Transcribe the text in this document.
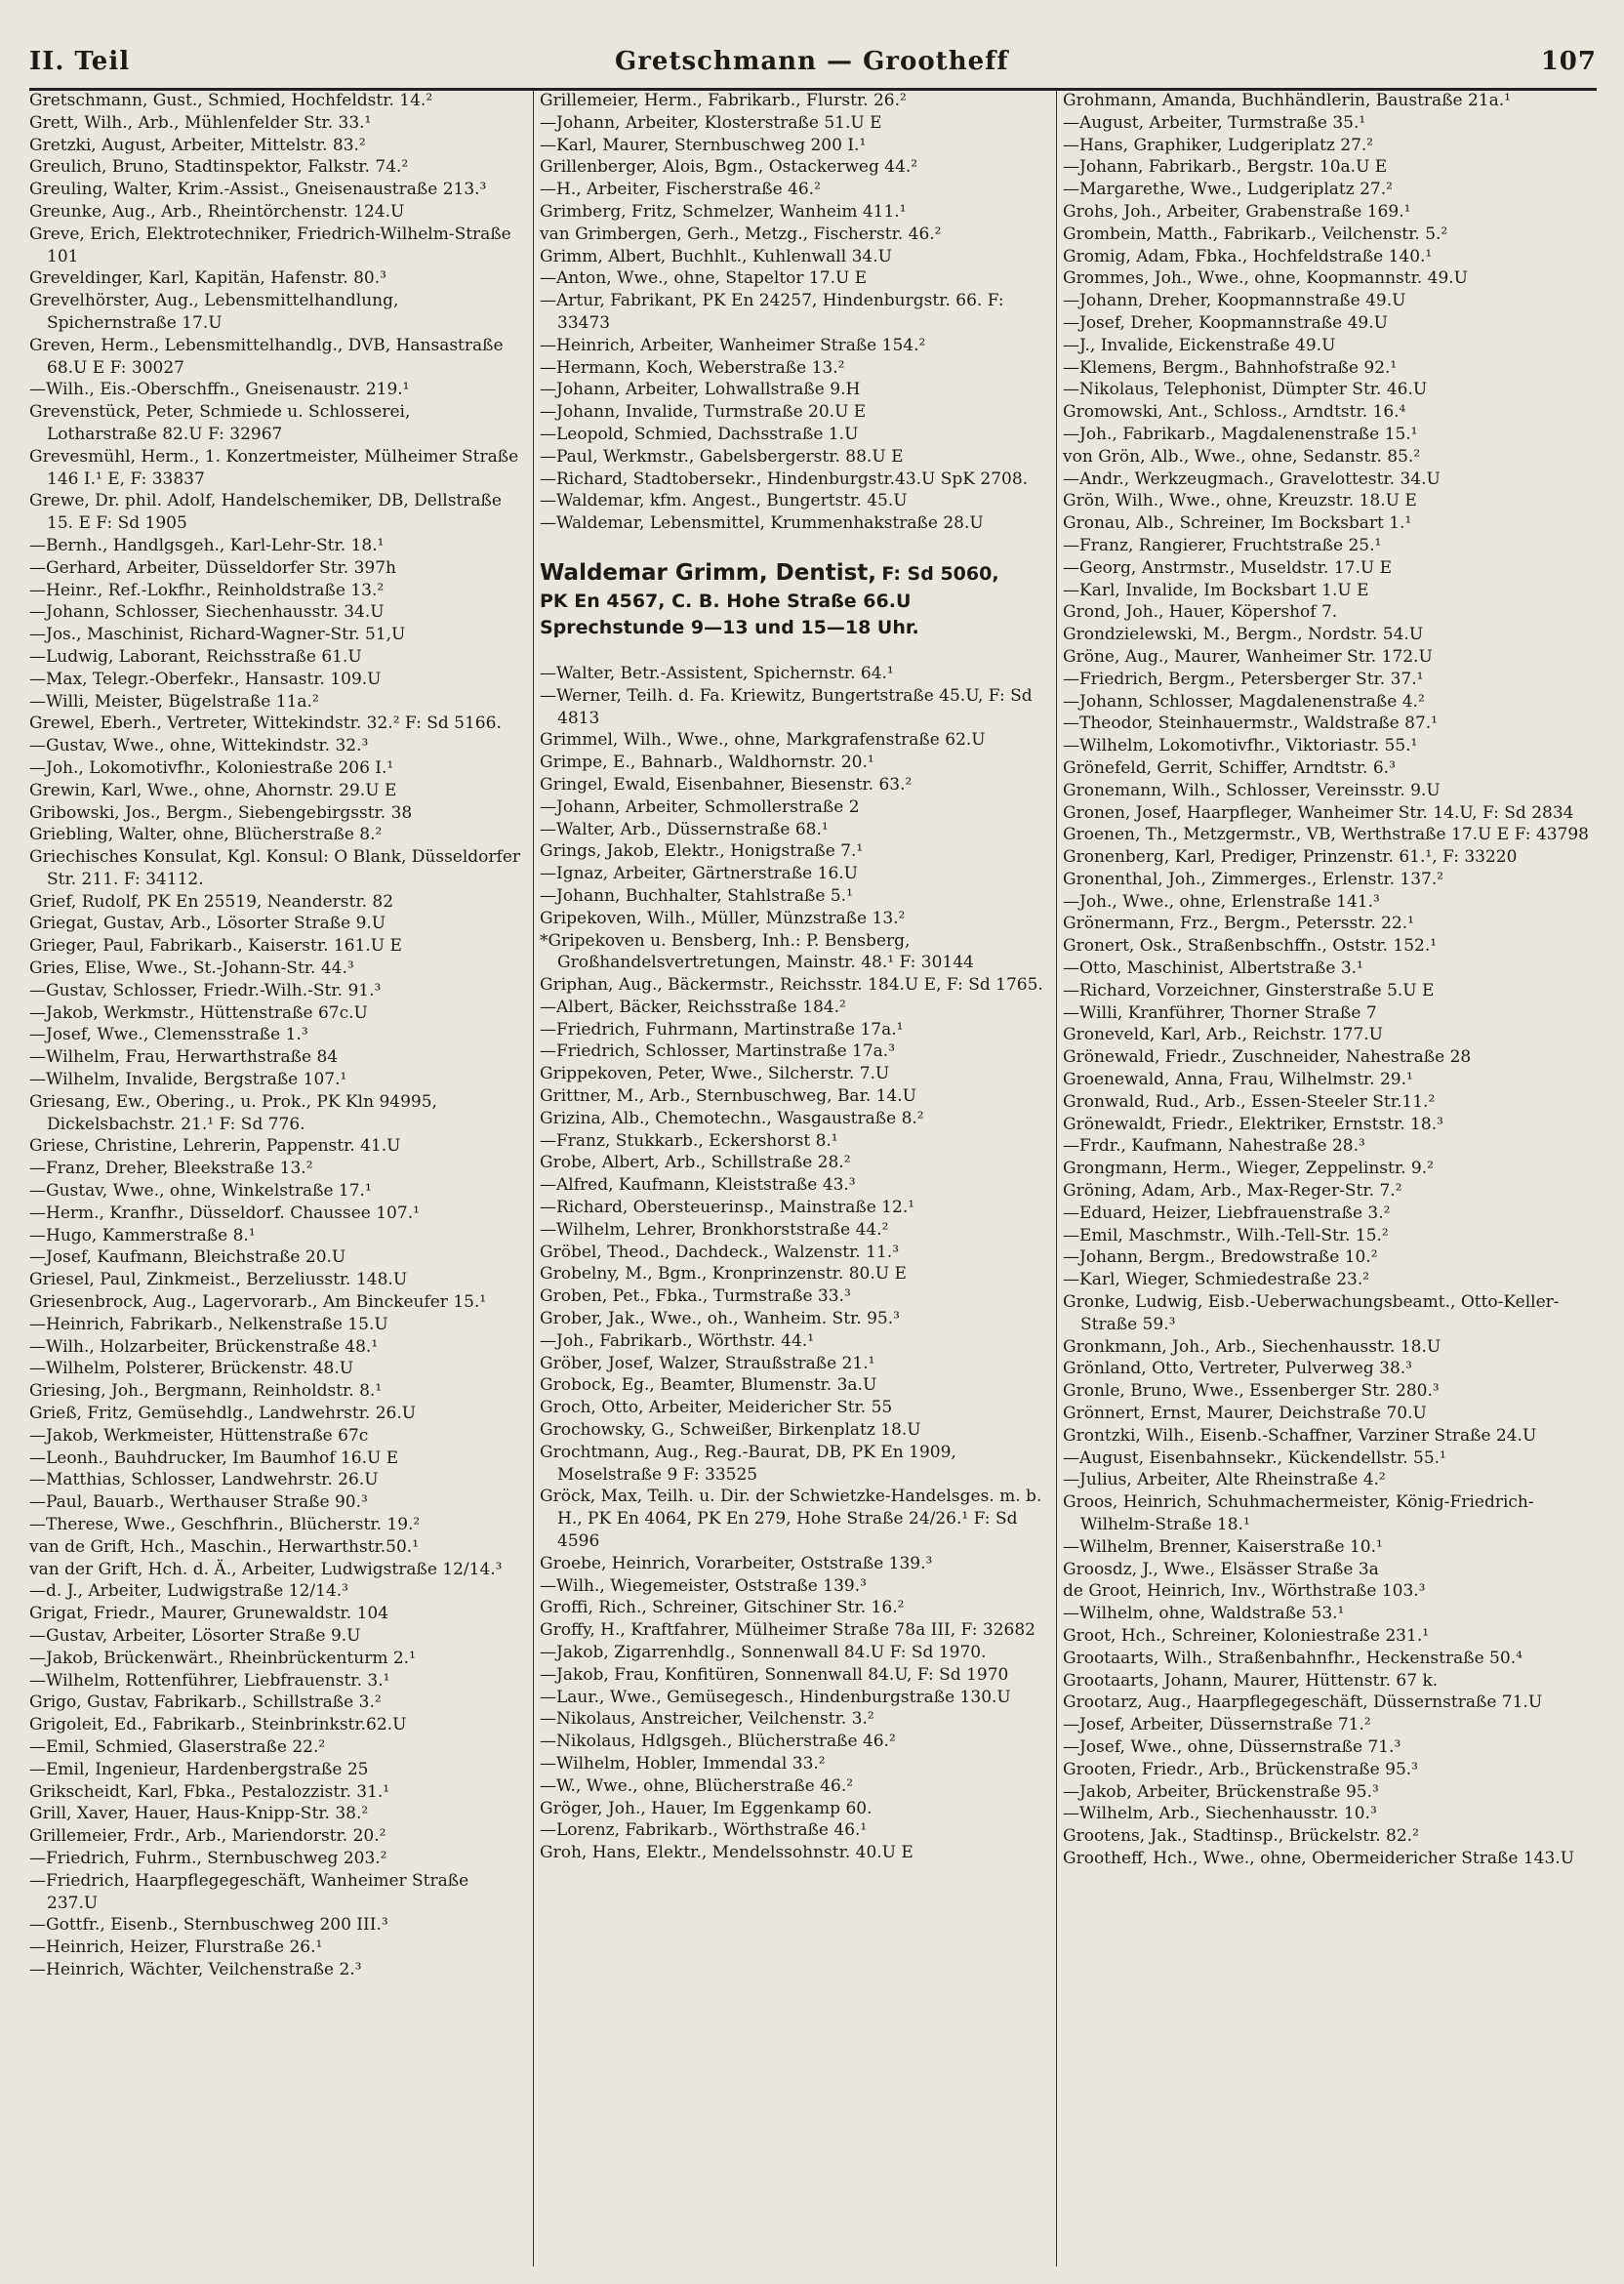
II. Teil	Gretschmann — Grootheff	107
Gretschmann, Gust., Schmied, Hochfeldstr. 14.²
Grett, Wilh., Arb., Mühlenfelder Str. 33.¹
Gretzki, August, Arbeiter, Mittelstr. 83.²
Greulich, Bruno, Stadtinspektor, Falkstr. 74.²
Greuling, Walter, Krim.-Assist., Gneisenaustraße 213.³
Greunke, Aug., Arb., Rheintörchenstr. 124.U
Greve, Erich, Elektrotechniker, Friedrich-Wilhelm-Straße 101
Greveldinger, Karl, Kapitän, Hafenstr. 80.³
Grevelhörster, Aug., Lebensmittelhandlung, Spichernstraße 17.U
Greven, Herm., Lebensmittelhandlg., DVB, Hansastraße 68.U E F: 30027
—Wilh., Eis.-Oberschffn., Gneisenaustr. 219.¹
Grevenstück, Peter, Schmiede u. Schlosserei, Lotharstraße 82.U F: 32967
Grevesmühl, Herm., 1. Konzertmeister, Mülheimer Straße 146 I.¹ E, F: 33837
Grewe, Dr. phil. Adolf, Handelschemiker, DB, Dellstraße 15. E F: Sd 1905
—Bernh., Handlgsgeh., Karl-Lehr-Str. 18.¹
—Gerhard, Arbeiter, Düsseldorfer Str. 397h
—Heinr., Ref.-Lokfhr., Reinholdstraße 13.²
—Johann, Schlosser, Siechenhausstr. 34.U
—Jos., Maschinist, Richard-Wagner-Str. 51,U
—Ludwig, Laborant, Reichsstraße 61.U
—Max, Telegr.-Oberfekr., Hansastr. 109.U
—Willi, Meister, Bügelstraße 11a.²
Grewel, Eberh., Vertreter, Wittekindstr. 32.² F: Sd 5166.
—Gustav, Wwe., ohne, Wittekindstr. 32.³
—Joh., Lokomotivfhr., Koloniestraße 206 I.¹
Grewin, Karl, Wwe., ohne, Ahornstr. 29.U E
Gribowski, Jos., Bergm., Siebengebirgsstr. 38
Griebling, Walter, ohne, Blücherstraße 8.²
Griechisches Konsulat, Kgl. Konsul: O Blank, Düsseldorfer Str. 211. F: 34112.
Grief, Rudolf, PK En 25519, Neanderstr. 82
Griegat, Gustav, Arb., Lösorter Straße 9.U
Grieger, Paul, Fabrikarb., Kaiserstr. 161.U E
Gries, Elise, Wwe., St.-Johann-Str. 44.³
—Gustav, Schlosser, Friedr.-Wilh.-Str. 91.³
—Jakob, Werkmstr., Hüttenstraße 67c.U
—Josef, Wwe., Clemensstraße 1.³
—Wilhelm, Frau, Herwarthstraße 84
—Wilhelm, Invalide, Bergstraße 107.¹
Griesang, Ew., Obering., u. Prok., PK Kln 94995, Dickelsbachstr. 21.¹ F: Sd 776.
Griese, Christine, Lehrerin, Pappenstr. 41.U
—Franz, Dreher, Bleekstraße 13.²
—Gustav, Wwe., ohne, Winkelstraße 17.¹
—Herm., Kranfhr., Düsseldorf. Chaussee 107.¹
—Hugo, Kammerstraße 8.¹
—Josef, Kaufmann, Bleichstraße 20.U
Griesel, Paul, Zinkmeist., Berzeliusstr. 148.U
Griesenbrock, Aug., Lagervorarb., Am Binckeufer 15.¹
—Heinrich, Fabrikarb., Nelkenstraße 15.U
—Wilh., Holzarbeiter, Brückenstraße 48.¹
—Wilhelm, Polsterer, Brückenstr. 48.U
Griesing, Joh., Bergmann, Reinholdstr. 8.¹
Grieß, Fritz, Gemüsehdlg., Landwehrstr. 26.U
—Jakob, Werkmeister, Hüttenstraße 67c
—Leonh., Bauhdrucker, Im Baumhof 16.U E
—Matthias, Schlosser, Landwehrstr. 26.U
—Paul, Bauarb., Werthauser Straße 90.³
—Therese, Wwe., Geschfhrin., Blücherstr. 19.²
van de Grift, Hch., Maschin., Herwarthstr.50.¹
van der Grift, Hch. d. Ä., Arbeiter, Ludwigstraße 12/14.³
—d. J., Arbeiter, Ludwigstraße 12/14.³
Grigat, Friedr., Maurer, Grunewaldstr. 104
—Gustav, Arbeiter, Lösorter Straße 9.U
—Jakob, Brückenwärt., Rheinbrückenturm 2.¹
—Wilhelm, Rottenführer, Liebfrauenstr. 3.¹
Grigo, Gustav, Fabrikarb., Schillstraße 3.²
Grigoleit, Ed., Fabrikarb., Steinbrinkstr.62.U
—Emil, Schmied, Glaserstraße 22.²
—Emil, Ingenieur, Hardenbergstraße 25
Grikscheidt, Karl, Fbka., Pestalozzistr. 31.¹
Grill, Xaver, Hauer, Haus-Knipp-Str. 38.²
Grillemeier, Frdr., Arb., Mariendorstr. 20.²
—Friedrich, Fuhrm., Sternbuschweg 203.²
—Friedrich, Haarpflegegeschäft, Wanheimer Straße 237.U
—Gottfr., Eisenb., Sternbuschweg 200 III.³
—Heinrich, Heizer, Flurstraße 26.¹
—Heinrich, Wächter, Veilchenstraße 2.³
Grillemeier, Herm., Fabrikarb., Flurstr. 26.²
—Johann, Arbeiter, Klosterstraße 51.U E
—Karl, Maurer, Sternbuschweg 200 I.¹
Grillenberger, Alois, Bgm., Ostackerweg 44.²
—H., Arbeiter, Fischerstraße 46.²
Grimberg, Fritz, Schmelzer, Wanheim 411.¹
van Grimbergen, Gerh., Metzg., Fischerstr. 46.²
Grimm, Albert, Buchhlt., Kuhlenwall 34.U
—Anton, Wwe., ohne, Stapeltor 17.U E
—Artur, Fabrikant, PK En 24257, Hindenburgstr. 66. F: 33473
—Heinrich, Arbeiter, Wanheimer Straße 154.²
—Hermann, Koch, Weberstraße 13.²
—Johann, Arbeiter, Lohwallstraße 9.H
—Johann, Invalide, Turmstraße 20.U E
—Leopold, Schmied, Dachsstraße 1.U
—Paul, Werkmstr., Gabelsbergerstr. 88.U E
—Richard, Stadtobersekr., Hindenburgstr.43.U SpK 2708.
—Waldemar, kfm. Angest., Bungertstr. 45.U
—Waldemar, Lebensmittel, Krummenhakstraße 28.U
Waldemar Grimm, Dentist, F: Sd 5060,
PK En 4567, C. B. Hohe Straße 66.U
Sprechstunde 9—13 und 15—18 Uhr.
—Walter, Betr.-Assistent, Spichernstr. 64.¹
—Werner, Teilh. d. Fa. Kriewitz, Bungertstraße 45.U, F: Sd 4813
Grimmel, Wilh., Wwe., ohne, Markgrafenstraße 62.U
Grimpe, E., Bahnarb., Waldhornstr. 20.¹
Gringel, Ewald, Eisenbahner, Biesenstr. 63.²
—Johann, Arbeiter, Schmollerstraße 2
—Walter, Arb., Düssernstraße 68.¹
Grings, Jakob, Elektr., Honigstraße 7.¹
—Ignaz, Arbeiter, Gärtnerstraße 16.U
—Johann, Buchhalter, Stahlstraße 5.¹
Gripekoven, Wilh., Müller, Münzstraße 13.²
*Gripekoven u. Bensberg, Inh.: P. Bensberg, Großhandelsvertretungen, Mainstr. 48.¹ F: 30144
Griphan, Aug., Bäckermstr., Reichsstr. 184.U E, F: Sd 1765.
—Albert, Bäcker, Reichsstraße 184.²
—Friedrich, Fuhrmann, Martinstraße 17a.¹
—Friedrich, Schlosser, Martinstraße 17a.³
Grippekoven, Peter, Wwe., Silcherstr. 7.U
Grittner, M., Arb., Sternbuschweg, Bar. 14.U
Grizina, Alb., Chemotechn., Wasgaustraße 8.²
—Franz, Stukkarb., Eckershorst 8.¹
Grobe, Albert, Arb., Schillstraße 28.²
—Alfred, Kaufmann, Kleiststraße 43.³
—Richard, Obersteuerinsp., Mainstraße 12.¹
—Wilhelm, Lehrer, Bronkhorststraße 44.²
Gröbel, Theod., Dachdeck., Walzenstr. 11.³
Grobelny, M., Bgm., Kronprinzenstr. 80.U E
Groben, Pet., Fbka., Turmstraße 33.³
Grober, Jak., Wwe., oh., Wanheim. Str. 95.³
—Joh., Fabrikarb., Wörthstr. 44.¹
Gröber, Josef, Walzer, Straußstraße 21.¹
Grobock, Eg., Beamter, Blumenstr. 3a.U
Groch, Otto, Arbeiter, Meidericher Str. 55
Grochowsky, G., Schweißer, Birkenplatz 18.U
Grochtmann, Aug., Reg.-Baurat, DB, PK En 1909, Moselstraße 9 F: 33525
Gröck, Max, Teilh. u. Dir. der Schwietzke-Handelsges. m. b. H., PK En 4064, PK En 279, Hohe Straße 24/26.¹ F: Sd 4596
Groebe, Heinrich, Vorarbeiter, Oststraße 139.³
—Wilh., Wiegemeister, Oststraße 139.³
Groffi, Rich., Schreiner, Gitschiner Str. 16.²
Groffy, H., Kraftfahrer, Mülheimer Straße 78a III, F: 32682
—Jakob, Zigarrenhdlg., Sonnenwall 84.U F: Sd 1970.
—Jakob, Frau, Konfitüren, Sonnenwall 84.U, F: Sd 1970
—Laur., Wwe., Gemüsegesch., Hindenburgstraße 130.U
—Nikolaus, Anstreicher, Veilchenstr. 3.²
—Nikolaus, Hdlgsgeh., Blücherstraße 46.²
—Wilhelm, Hobler, Immendal 33.²
—W., Wwe., ohne, Blücherstraße 46.²
Gröger, Joh., Hauer, Im Eggenkamp 60.
—Lorenz, Fabrikarb., Wörthstraße 46.¹
Groh, Hans, Elektr., Mendelssohnstr. 40.U E
Grohmann, Amanda, Buchhändlerin, Baustraße 21a.¹
—August, Arbeiter, Turmstraße 35.¹
—Hans, Graphiker, Ludgeriplatz 27.²
—Johann, Fabrikarb., Bergstr. 10a.U E
—Margarethe, Wwe., Ludgeriplatz 27.²
Grohs, Joh., Arbeiter, Grabenstraße 169.¹
Grombein, Matth., Fabrikarb., Veilchenstr. 5.²
Gromig, Adam, Fbka., Hochfeldstraße 140.¹
Grommes, Joh., Wwe., ohne, Koopmannstr. 49.U
—Johann, Dreher, Koopmannstraße 49.U
—Josef, Dreher, Koopmannstraße 49.U
—J., Invalide, Eickenstraße 49.U
—Klemens, Bergm., Bahnhofstraße 92.¹
—Nikolaus, Telephonist, Dümpter Str. 46.U
Gromowski, Ant., Schloss., Arndtstr. 16.⁴
—Joh., Fabrikarb., Magdalenenstraße 15.¹
von Grön, Alb., Wwe., ohne, Sedanstr. 85.²
—Andr., Werkzeugmach., Gravelottestr. 34.U
Grön, Wilh., Wwe., ohne, Kreuzstr. 18.U E
Gronau, Alb., Schreiner, Im Bocksbart 1.¹
—Franz, Rangierer, Fruchtstraße 25.¹
—Georg, Anstrmstr., Museldstr. 17.U E
—Karl, Invalide, Im Bocksbart 1.U E
Grond, Joh., Hauer, Köpershof 7.
Grondzielewski, M., Bergm., Nordstr. 54.U
Gröne, Aug., Maurer, Wanheimer Str. 172.U
—Friedrich, Bergm., Petersberger Str. 37.¹
—Johann, Schlosser, Magdalenenstraße 4.²
—Theodor, Steinhauermstr., Waldstraße 87.¹
—Wilhelm, Lokomotivfhr., Viktoriastr. 55.¹
Grönefeld, Gerrit, Schiffer, Arndtstr. 6.³
Gronemann, Wilh., Schlosser, Vereinsstr. 9.U
Gronen, Josef, Haarpfleger, Wanheimer Str. 14.U, F: Sd 2834
Groenen, Th., Metzgermstr., VB, Werthstraße 17.U E F: 43798
Gronenberg, Karl, Prediger, Prinzenstr. 61.¹, F: 33220
Gronenthal, Joh., Zimmerges., Erlenstr. 137.²
—Joh., Wwe., ohne, Erlenstraße 141.³
Grönermann, Frz., Bergm., Petersstr. 22.¹
Gronert, Osk., Straßenbschffn., Oststr. 152.¹
—Otto, Maschinist, Albertstraße 3.¹
—Richard, Vorzeichner, Ginsterstraße 5.U E
—Willi, Kranführer, Thorner Straße 7
Groneveld, Karl, Arb., Reichstr. 177.U
Grönewald, Friedr., Zuschneider, Nahestraße 28
Groenewald, Anna, Frau, Wilhelmstr. 29.¹
Gronwald, Rud., Arb., Essen-Steeler Str.11.²
Grönewaldt, Friedr., Elektriker, Ernststr. 18.³
—Frdr., Kaufmann, Nahestraße 28.³
Grongmann, Herm., Wieger, Zeppelinstr. 9.²
Gröning, Adam, Arb., Max-Reger-Str. 7.²
—Eduard, Heizer, Liebfrauenstraße 3.²
—Emil, Maschmstr., Wilh.-Tell-Str. 15.²
—Johann, Bergm., Bredowstraße 10.²
—Karl, Wieger, Schmiedestraße 23.²
Gronke, Ludwig, Eisb.-Ueberwachungsbeamt., Otto-Keller-Straße 59.³
Gronkmann, Joh., Arb., Siechenhausstr. 18.U
Grönland, Otto, Vertreter, Pulverweg 38.³
Gronle, Bruno, Wwe., Essenberger Str. 280.³
Grönnert, Ernst, Maurer, Deichstraße 70.U
Grontzki, Wilh., Eisenb.-Schaffner, Varziner Straße 24.U
—August, Eisenbahnsekr., Kückendellstr. 55.¹
—Julius, Arbeiter, Alte Rheinstraße 4.²
Groos, Heinrich, Schuhmachermeister, König-Friedrich-Wilhelm-Straße 18.¹
—Wilhelm, Brenner, Kaiserstraße 10.¹
Groosdz, J., Wwe., Elsässer Straße 3a
de Groot, Heinrich, Inv., Wörthstraße 103.³
—Wilhelm, ohne, Waldstraße 53.¹
Groot, Hch., Schreiner, Koloniestraße 231.¹
Grootaarts, Wilh., Straßenbahnfhr., Heckenstraße 50.⁴
Grootaarts, Johann, Maurer, Hüttenstr. 67 k.
Grootarz, Aug., Haarpflegegeschäft, Düssernstraße 71.U
—Josef, Arbeiter, Düssernstraße 71.²
—Josef, Wwe., ohne, Düssernstraße 71.³
Grooten, Friedr., Arb., Brückenstraße 95.³
—Jakob, Arbeiter, Brückenstraße 95.³
—Wilhelm, Arb., Siechenhausstr. 10.³
Grootens, Jak., Stadtinsp., Brückelstr. 82.²
Grootheff, Hch., Wwe., ohne, Obermeidericher Straße 143.U
